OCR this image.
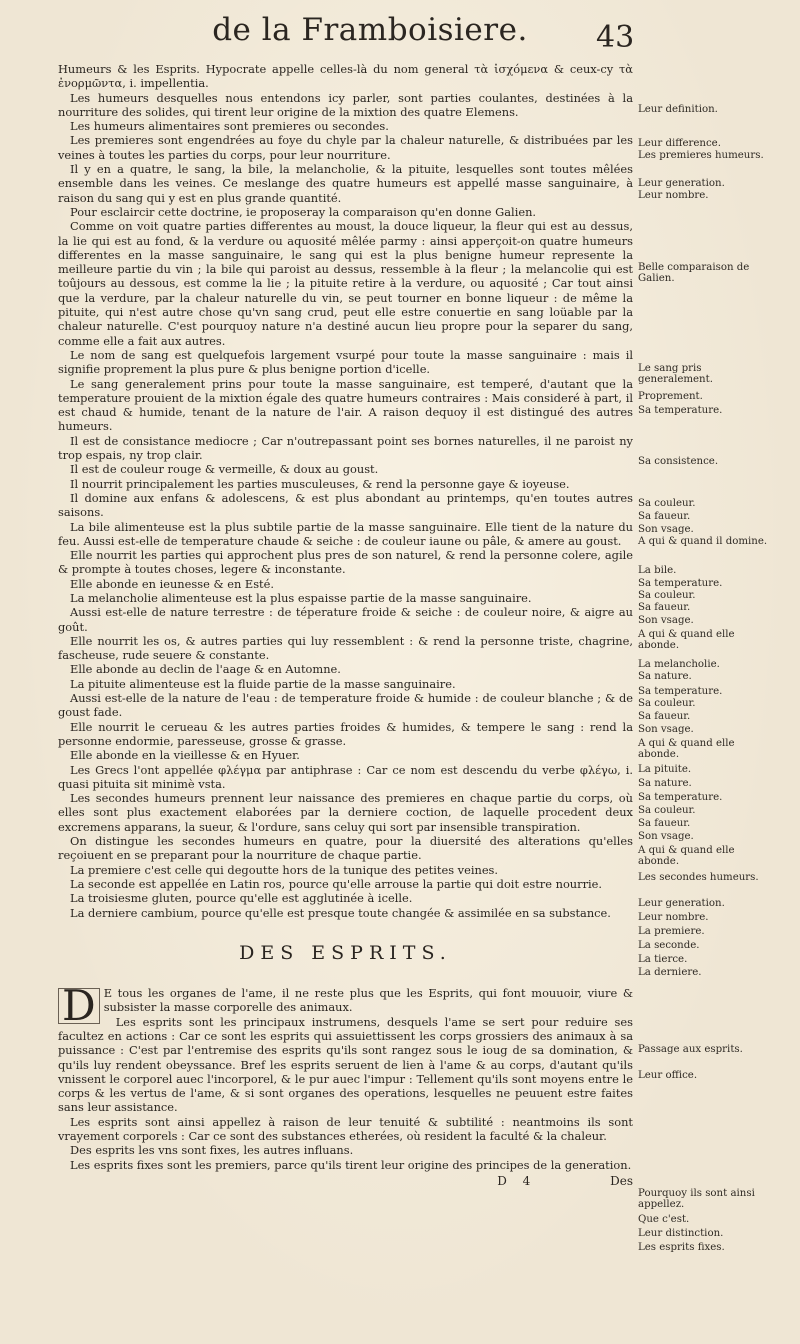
de la Framboisiere.	43

Humeurs & les Esprits. Hypocrate appelle celles-là du nom general τὰ ἰσχόμενα & ceux-cy τὰ ἐνορμῶντα, i. impellentia.

Les humeurs desquelles nous entendons icy parler, sont parties coulantes, destinées à la nourriture des solides, qui tirent leur origine de la mixtion des quatre Elemens.

Les humeurs alimentaires sont premieres ou secondes.

Les premieres sont engendrées au foye du chyle par la chaleur naturelle, & distribuées par les veines à toutes les parties du corps, pour leur nourriture.

Il y en a quatre, le sang, la bile, la melancholie, & la pituite, lesquelles sont toutes mêlées ensemble dans les veines. Ce meslange des quatre humeurs est appellé masse sanguinaire, à raison du sang qui y est en plus grande quantité.

Pour esclaircir cette doctrine, ie proposeray la comparaison qu'en donne Galien.

Comme on voit quatre parties differentes au moust, la douce liqueur, la fleur qui est au dessus, la lie qui est au fond, & la verdure ou aquosité mêlée parmy : ainsi apperçoit-on quatre humeurs differentes en la masse sanguinaire, le sang qui est la plus benigne humeur represente la meilleure partie du vin ; la bile qui paroist au dessus, ressemble à la fleur ; la melancolie qui est toûjours au dessous, est comme la lie ; la pituite retire à la verdure, ou aquosité ; Car tout ainsi que la verdure, par la chaleur naturelle du vin, se peut tourner en bonne liqueur : de même la pituite, qui n'est autre chose qu'vn sang crud, peut elle estre conuertie en sang loüable par la chaleur naturelle. C'est pourquoy nature n'a destiné aucun lieu propre pour la separer du sang, comme elle a fait aux autres.

Le nom de sang est quelquefois largement vsurpé pour toute la masse sanguinaire : mais il signifie proprement la plus pure & plus benigne portion d'icelle.

Le sang generalement prins pour toute la masse sanguinaire, est temperé, d'autant que la temperature prouient de la mixtion égale des quatre humeurs contraires : Mais consideré à part, il est chaud & humide, tenant de la nature de l'air. A raison dequoy il est distingué des autres humeurs.

Il est de consistance mediocre ; Car n'outrepassant point ses bornes naturelles, il ne paroist ny trop espais, ny trop clair.

Il est de couleur rouge & vermeille, & doux au goust.

Il nourrit principalement les parties musculeuses, & rend la personne gaye & ioyeuse.

Il domine aux enfans & adolescens, & est plus abondant au printemps, qu'en toutes autres saisons.

La bile alimenteuse est la plus subtile partie de la masse sanguinaire. Elle tient de la nature du feu. Aussi est-elle de temperature chaude & seiche : de couleur iaune ou pâle, & amere au goust.

Elle nourrit les parties qui approchent plus pres de son naturel, & rend la personne colere, agile & prompte à toutes choses, legere & inconstante.

Elle abonde en ieunesse & en Esté.

La melancholie alimenteuse est la plus espaisse partie de la masse sanguinaire.

Aussi est-elle de nature terrestre : de téperature froide & seiche : de couleur noire, & aigre au goût.

Elle nourrit les os, & autres parties qui luy ressemblent : & rend la personne triste, chagrine, fascheuse, rude seuere & constante.

Elle abonde au declin de l'aage & en Automne.

La pituite alimenteuse est la fluide partie de la masse sanguinaire.

Aussi est-elle de la nature de l'eau : de temperature froide & humide : de couleur blanche ; & de goust fade.

Elle nourrit le cerueau & les autres parties froides & humides, & tempere le sang : rend la personne endormie, paresseuse, grosse & grasse.

Elle abonde en la vieillesse & en Hyuer.

Les Grecs l'ont appellée φλέγμα par antiphrase : Car ce nom est descendu du verbe φλέγω, i. quasi pituita sit minimè vsta.

Les secondes humeurs prennent leur naissance des premieres en chaque partie du corps, où elles sont plus exactement elaborées par la derniere coction, de laquelle procedent deux excremens apparans, la sueur, & l'ordure, sans celuy qui sort par insensible transpiration.

On distingue les secondes humeurs en quatre, pour la diuersité des alterations qu'elles reçoiuent en se preparant pour la nourriture de chaque partie.

La premiere c'est celle qui degoutte hors de la tunique des petites veines.

La seconde est appellée en Latin ros, pource qu'elle arrouse la partie qui doit estre nourrie.

La troisiesme gluten, pource qu'elle est agglutinée à icelle.

La derniere cambium, pource qu'elle est presque toute changée & assimilée en sa substance.

DES ESPRITS.

D E tous les organes de l'ame, il ne reste plus que les Esprits, qui font mouuoir, viure & subsister la masse corporelle des animaux.

Les esprits sont les principaux instrumens, desquels l'ame se sert pour reduire ses facultez en actions : Car ce sont les esprits qui assuiettissent les corps grossiers des animaux à sa puissance : C'est par l'entremise des esprits qu'ils sont rangez sous le ioug de sa domination, & qu'ils luy rendent obeyssance. Bref les esprits seruent de lien à l'ame & au corps, d'autant qu'ils vnissent le corporel auec l'incorporel, & le pur auec l'impur : Tellement qu'ils sont moyens entre le corps & les vertus de l'ame, & si sont organes des operations, lesquelles ne peuuent estre faites sans leur assistance.

Les esprits sont ainsi appellez à raison de leur tenuité & subtilité : neantmoins ils sont vrayement corporels : Car ce sont des substances etherées, où resident la faculté & la chaleur.

Des esprits les vns sont fixes, les autres influans.

Les esprits fixes sont les premiers, parce qu'ils tirent leur origine des principes de la generation.

D 4	Des
Leur definition.
Leur difference.
Les premieres humeurs.
Leur generation.
Leur nombre.
Belle comparaison de Galien.
Le sang pris generalement.
Proprement.
Sa temperature.
Sa consistence.
Sa couleur.
Sa faueur.
Son vsage.
A qui & quand il domine.
La bile.
Sa temperature.
Sa couleur.
Sa faueur.
Son vsage.
A qui & quand elle abonde.
La melancholie.
Sa nature.
Sa temperature.
Sa couleur.
Sa faueur.
Son vsage.
A qui & quand elle abonde.
La pituite.
Sa nature.
Sa temperature.
Sa couleur.
Sa faueur.
Son vsage.
A qui & quand elle abonde.
Les secondes humeurs.
Leur generation.
Leur nombre.
La premiere.
La seconde.
La tierce.
La derniere.
Passage aux esprits.
Leur office.
Pourquoy ils sont ainsi appellez.
Que c'est.
Leur distinction.
Les esprits fixes.
